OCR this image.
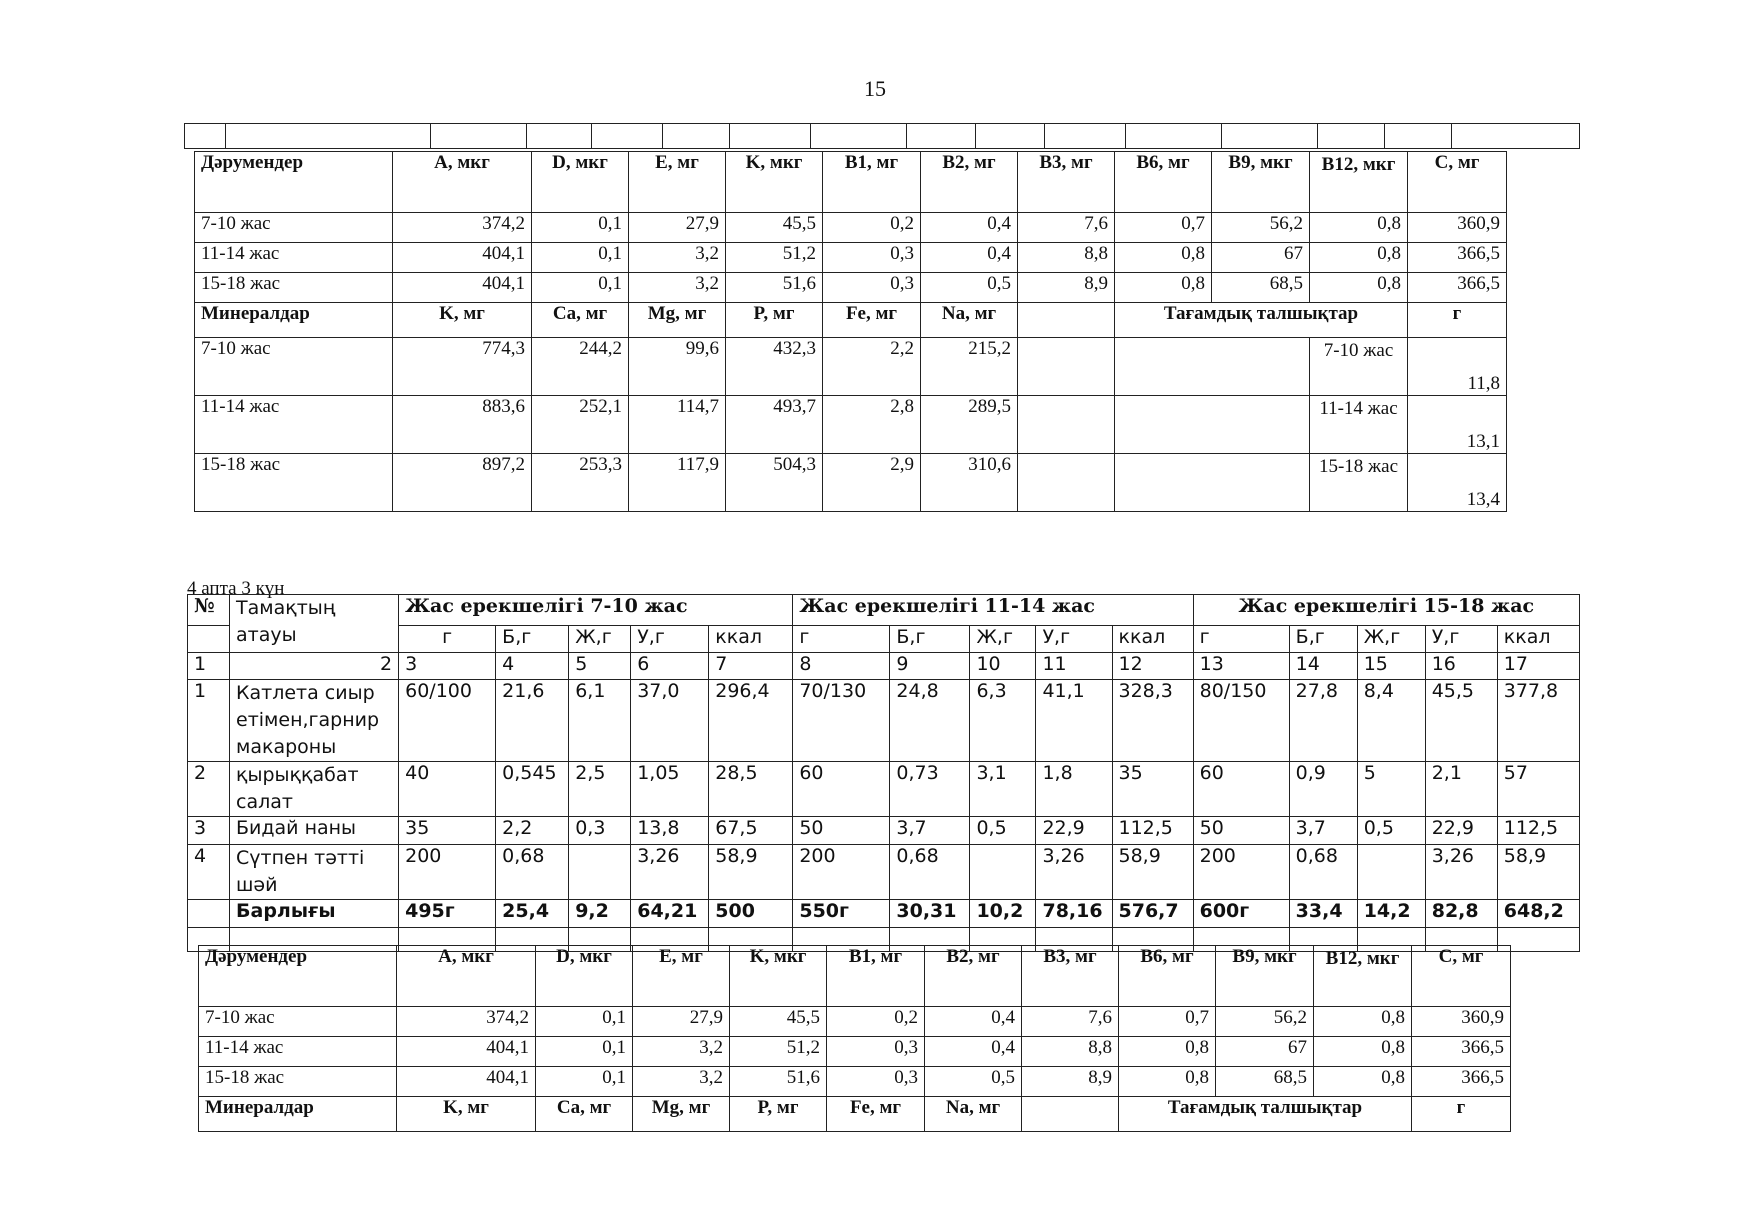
15

Дәрумендер	A, мкг	D, мкг	E, мг	K, мкг	B1, мг	B2, мг	B3, мг	B6, мг	B9, мкг	B12, мкг	C, мг
7-10 жас	374,2	0,1	27,9	45,5	0,2	0,4	7,6	0,7	56,2	0,8	360,9
11-14 жас	404,1	0,1	3,2	51,2	0,3	0,4	8,8	0,8	67	0,8	366,5
15-18 жас	404,1	0,1	3,2	51,6	0,3	0,5	8,9	0,8	68,5	0,8	366,5
Минералдар	K, мг	Ca, мг	Mg, мг	P, мг	Fe, мг	Na, мг		Тағамдық талшықтар			г
7-10 жас	774,3	244,2	99,6	432,3	2,2	215,2				7-10 жас	11,8
11-14 жас	883,6	252,1	114,7	493,7	2,8	289,5				11-14 жас	13,1
15-18 жас	897,2	253,3	117,9	504,3	2,9	310,6				15-18 жас	13,4
4 апта 3 күн
№	Тамақтың атауы	Жас ерекшелігі 7-10 жас					Жас ерекшелігі 11-14 жас					Жас ерекшелігі 15-18 жас				
		г	Б,г	Ж,г	У,г	ккал	г	Б,г	Ж,г	У,г	ккал	г	Б,г	Ж,г	У,г	ккал
1	2	3	4	5	6	7	8	9	10	11	12	13	14	15	16	17
1	Катлета сиыр етімен,гарнир макароны	60/100	21,6	6,1	37,0	296,4	70/130	24,8	6,3	41,1	328,3	80/150	27,8	8,4	45,5	377,8
2	қырыққабат салат	40	0,545	2,5	1,05	28,5	60	0,73	3,1	1,8	35	60	0,9	5	2,1	57
3	Бидай наны	35	2,2	0,3	13,8	67,5	50	3,7	0,5	22,9	112,5	50	3,7	0,5	22,9	112,5
4	Сүтпен тәтті шәй	200	0,68		3,26	58,9	200	0,68		3,26	58,9	200	0,68		3,26	58,9
	Барлығы	495г	25,4	9,2	64,21	500	550г	30,31	10,2	78,16	576,7	600г	33,4	14,2	82,8	648,2

Дәрумендер	A, мкг	D, мкг	E, мг	K, мкг	B1, мг	B2, мг	B3, мг	B6, мг	B9, мкг	B12, мкг	C, мг
7-10 жас	374,2	0,1	27,9	45,5	0,2	0,4	7,6	0,7	56,2	0,8	360,9
11-14 жас	404,1	0,1	3,2	51,2	0,3	0,4	8,8	0,8	67	0,8	366,5
15-18 жас	404,1	0,1	3,2	51,6	0,3	0,5	8,9	0,8	68,5	0,8	366,5
Минералдар	K, мг	Ca, мг	Mg, мг	P, мг	Fe, мг	Na, мг		Тағамдық талшықтар			г
